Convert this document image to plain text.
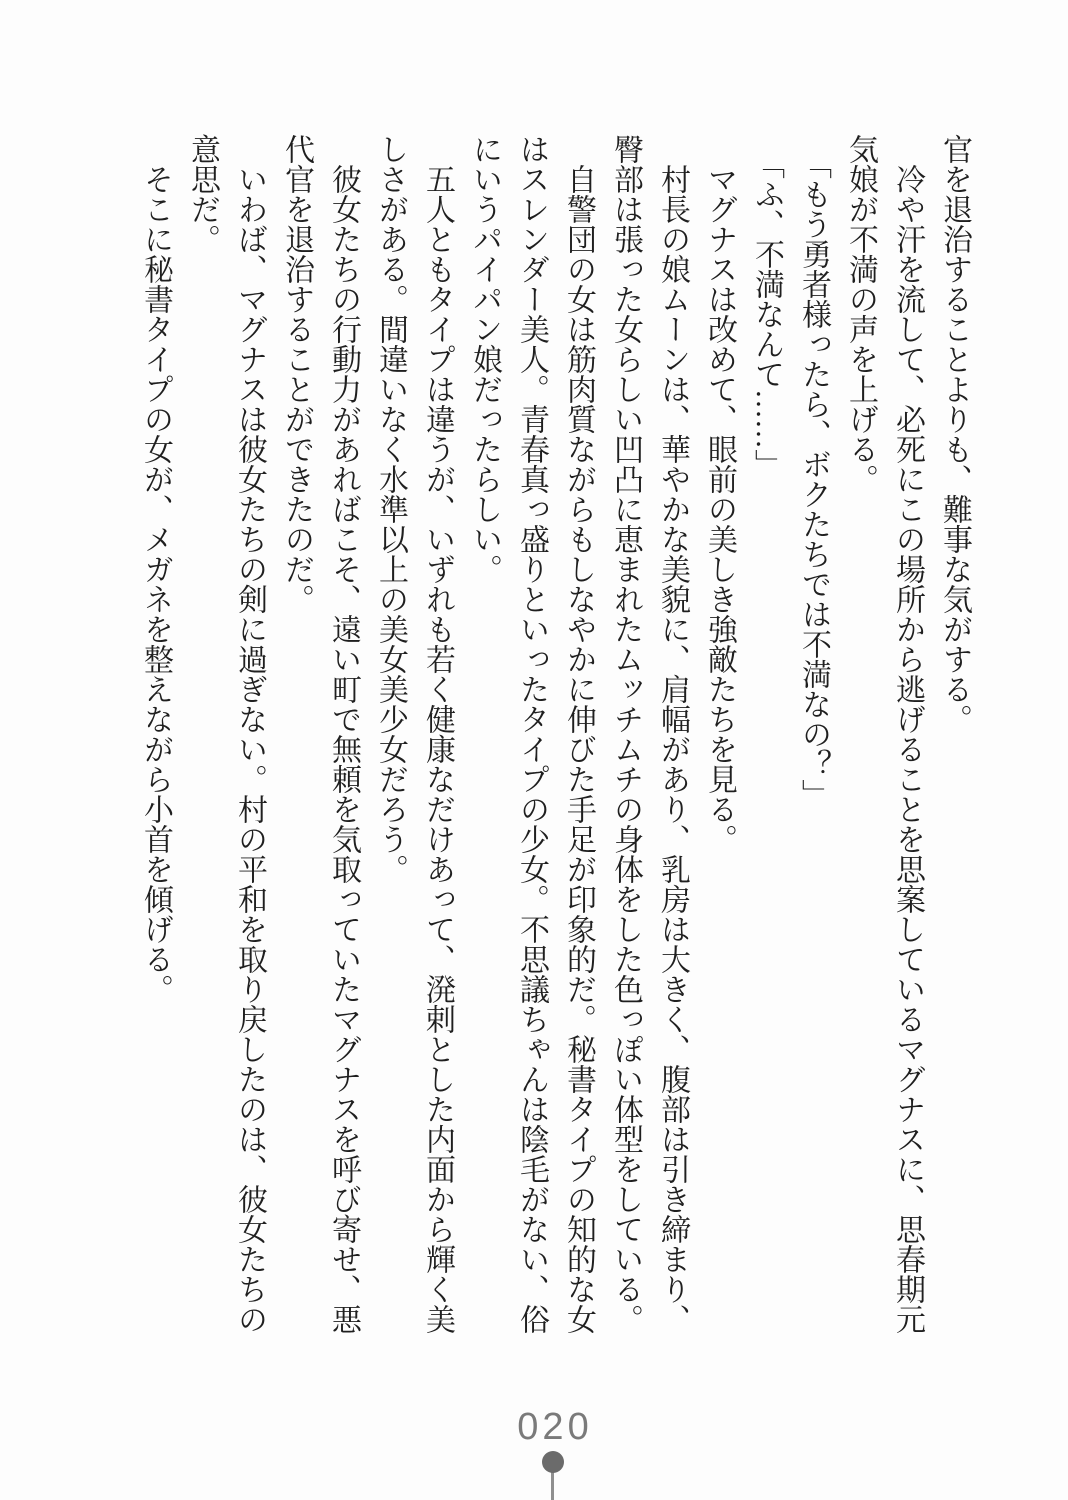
官を退治することよりも、難事な気がする。

冷や汗を流して、必死にこの場所から逃げることを思案しているマグナスに、思春期元気娘が不満の声を上げる。

「もう勇者様ったら、ボクたちでは不満なの？」

「ふ、不満なんて……」

マグナスは改めて、眼前の美しき強敵たちを見る。

村長の娘ムーンは、華やかな美貌に、肩幅があり、乳房は大きく、腹部は引き締まり、臀部は張った女らしい凹凸に恵まれたムッチムチの身体をした色っぽい体型をしている。

自警団の女は筋肉質ながらもしなやかに伸びた手足が印象的だ。秘書タイプの知的な女はスレンダー美人。青春真っ盛りといったタイプの少女。不思議ちゃんは陰毛がない、俗にいうパイパン娘だったらしい。

五人ともタイプは違うが、いずれも若く健康なだけあって、溌剌とした内面から輝く美しさがある。間違いなく水準以上の美女美少女だろう。

彼女たちの行動力があればこそ、遠い町で無頼を気取っていたマグナスを呼び寄せ、悪代官を退治することができたのだ。

いわば、マグナスは彼女たちの剣に過ぎない。村の平和を取り戻したのは、彼女たちの意思だ。

そこに秘書タイプの女が、メガネを整えながら小首を傾げる。

020
